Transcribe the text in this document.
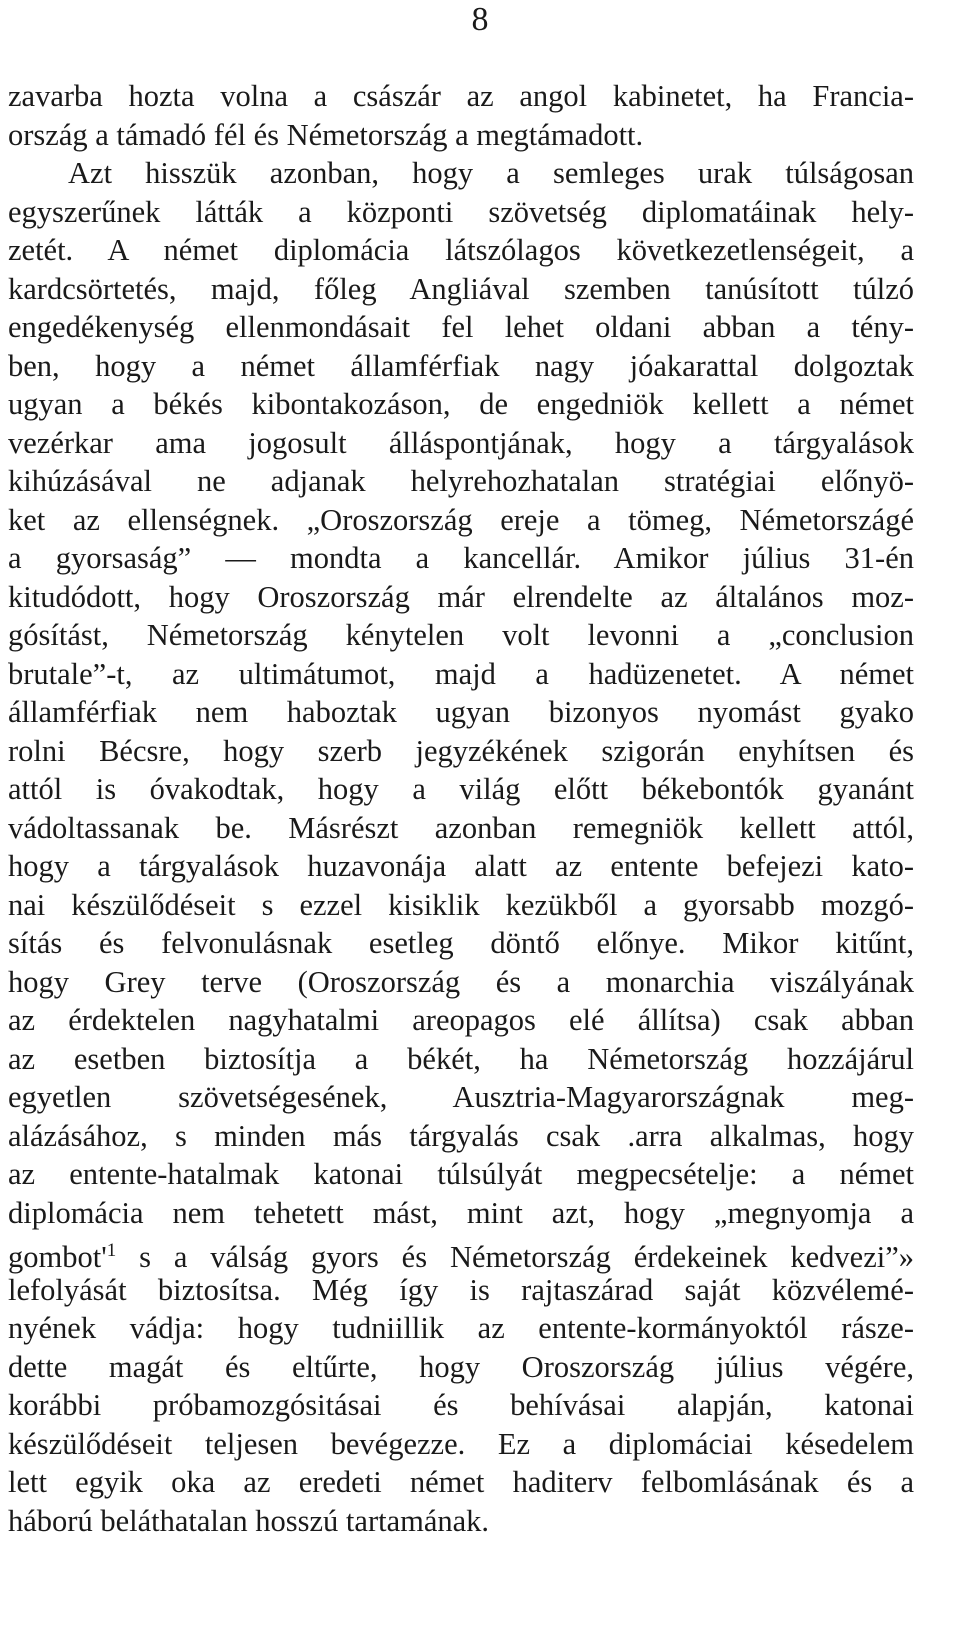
8
zavarba hozta volna a császár az angol kabinetet, ha Francia-
ország a támadó fél és Németország a megtámadott.
Azt hisszük azonban, hogy a semleges urak túlságosan
egyszerűnek látták a központi szövetség diplomatáinak hely-
zetét. A német diplomácia látszólagos következetlenségeit, a
kardcsörtetés, majd, főleg Angliával szemben tanúsított túlzó
engedékenység ellenmondásait fel lehet oldani abban a tény-
ben, hogy a német államférfiak nagy jóakarattal dolgoztak
ugyan a békés kibontakozáson, de engedniök kellett a német
vezérkar ama jogosult álláspontjának, hogy a tárgyalások
kihúzásával ne adjanak helyrehozhatalan stratégiai előnyö-
ket az ellenségnek. „Oroszország ereje a tömeg, Németországé
a gyorsaság” — mondta a kancellár. Amikor július 31-én
kitudódott, hogy Oroszország már elrendelte az általános moz-
gósítást, Németország kénytelen volt levonni a „conclusion
brutale”-t, az ultimátumot, majd a hadüzenetet. A német
államférfiak nem haboztak ugyan bizonyos nyomást gyako
rolni Bécsre, hogy szerb jegyzékének szigorán enyhítsen és
attól is óvakodtak, hogy a világ előtt békebontók gyanánt
vádoltassanak be. Másrészt azonban remegniök kellett attól,
hogy a tárgyalások huzavonája alatt az entente befejezi kato-
nai készülődéseit s ezzel kisiklik kezükből a gyorsabb mozgó-
sítás és felvonulásnak esetleg döntő előnye. Mikor kitűnt,
hogy Grey terve (Oroszország és a monarchia viszályának
az érdektelen nagyhatalmi areopagos elé állítsa) csak abban
az esetben biztosítja a békét, ha Németország hozzájárul
egyetlen szövetségesének, Ausztria-Magyarországnak meg-
alázásához, s minden más tárgyalás csak .arra alkalmas, hogy
az entente-hatalmak katonai túlsúlyát megpecsételje: a német
diplomácia nem tehetett mást, mint azt, hogy „megnyomja a
$gombot'^1$ s a válság gyors és Németország érdekeinek kedvezi”»
lefolyását biztosítsa. Még így is rajtaszárad saját közvélemé-
nyének vádja: hogy tudniillik az entente-kormányoktól rásze-
dette magát és eltűrte, hogy Oroszország július végére,
korábbi próbamozgósitásai és behívásai alapján, katonai
készülődéseit teljesen bevégezze. Ez a diplomáciai késedelem
lett egyik oka az eredeti német haditerv felbomlásának és a
háború beláthatalan hosszú tartamának.
